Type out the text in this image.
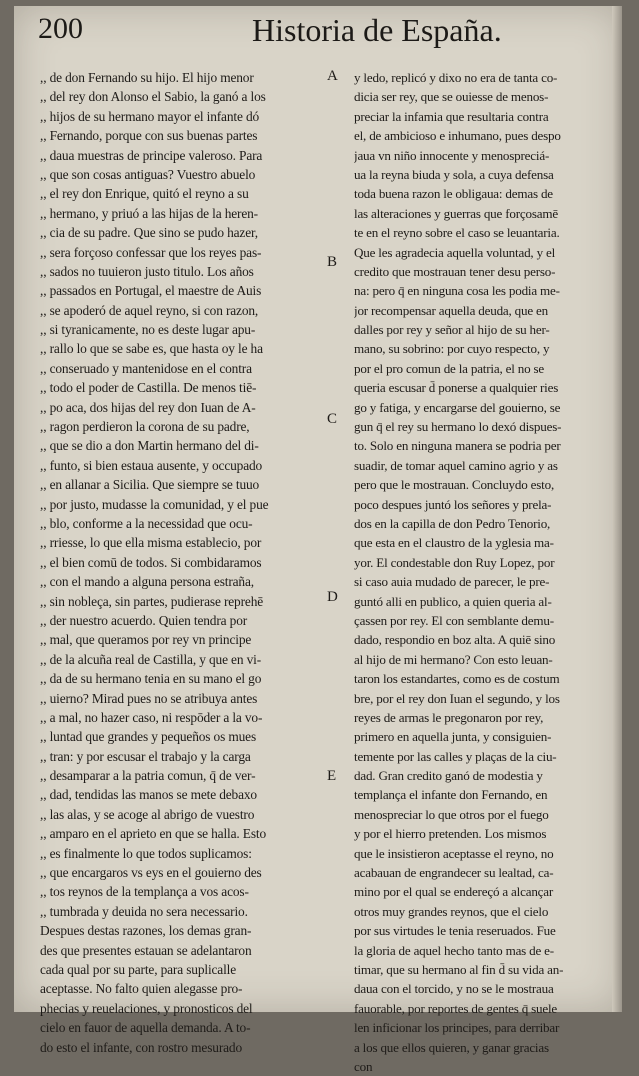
200	Historia de España.
,, de don Fernando su hijo. El hijo menor
,, del rey don Alonso el Sabio, la ganó a los
,, hijos de su hermano mayor el infante dó
,, Fernando, porque con sus buenas partes
,, daua muestras de principe valeroso. Para
,, que son cosas antiguas? Vuestro abuelo
,, el rey don Enrique, quitó el reyno a su
,, hermano, y priuó a las hijas de la heren-
,, cia de su padre. Que sino se pudo hazer,
,, sera forçoso confessar que los reyes pas-
,, sados no tuuieron justo titulo. Los años
,, passados en Portugal, el maestre de Auis
,, se apoderó de aquel reyno, si con razon,
,, si tyranicamente, no es deste lugar apu-
,, rallo lo que se sabe es, que hasta oy le ha
,, conseruado y mantenidose en el contra
,, todo el poder de Castilla. De menos tiē-
,, po aca, dos hijas del rey don Iuan de A-
,, ragon perdieron la corona de su padre,
,, que se dio a don Martin hermano del di-
,, funto, si bien estaua ausente, y occupado
,, en allanar a Sicilia. Que siempre se tuuo
,, por justo, mudasse la comunidad, y el pue
,, blo, conforme a la necessidad que ocu-
,, rriesse, lo que ella misma establecio, por
,, el bien comū de todos. Si combidaramos
,, con el mando a alguna persona estraña,
,, sin nobleça, sin partes, pudierase reprehē
,, der nuestro acuerdo. Quien tendra por
,, mal, que queramos por rey vn principe
,, de la alcuña real de Castilla, y que en vi-
,, da de su hermano tenia en su mano el go
,, uierno? Mirad pues no se atribuya antes
,, a mal, no hazer caso, ni respōder a la vo-
,, luntad que grandes y pequeños os mues
,, tran: y por escusar el trabajo y la carga
,, desamparar a la patria comun, q̄ de ver-
,, dad, tendidas las manos se mete debaxo
,, las alas, y se acoge al abrigo de vuestro
,, amparo en el aprieto en que se halla. Esto
,, es finalmente lo que todos suplicamos:
,, que encargaros vs eys en el gouierno des
,, tos reynos de la templança a vos acos-
,, tumbrada y deuida no sera necessario.
Despues destas razones, los demas gran-
des que presentes estauan se adelantaron
cada qual por su parte, para suplicalle
aceptasse. No falto quien alegasse pro-
phecias y reuelaciones, y pronosticos del
cielo en fauor de aquella demanda. A to-
do esto el infante, con rostro mesurado
y ledo, replicó y dixo no era de tanta co-
dicia ser rey, que se ouiesse de menos-
preciar la infamia que resultaria contra
el, de ambicioso e inhumano, pues despo
jaua vn niño innocente y menospreciá-
ua la reyna biuda y sola, a cuya defensa
toda buena razon le obligaua: demas de
las alteraciones y guerras que forçosamē
te en el reyno sobre el caso se leuantaria.
Que les agradecia aquella voluntad, y el
credito que mostrauan tener desu perso-
na: pero q̄ en ninguna cosa les podia me-
jor recompensar aquella deuda, que en
dalles por rey y señor al hijo de su her-
mano, su sobrino: por cuyo respecto, y
por el pro comun de la patria, el no se
queria escusar d̄ ponerse a qualquier ries
go y fatiga, y encargarse del gouierno, se
gun q̄ el rey su hermano lo dexó dispues-
to. Solo en ninguna manera se podria per
suadir, de tomar aquel camino agrio y as
pero que le mostrauan. Concluydo esto,
poco despues juntó los señores y prela-
dos en la capilla de don Pedro Tenorio,
que esta en el claustro de la yglesia ma-
yor. El condestable don Ruy Lopez, por
si caso auia mudado de parecer, le pre-
guntó alli en publico, a quien queria al-
çassen por rey. El con semblante demu-
dado, respondio en boz alta. A quiē sino
al hijo de mi hermano? Con esto leuan-
taron los estandartes, como es de costum
bre, por el rey don Iuan el segundo, y los
reyes de armas le pregonaron por rey,
primero en aquella junta, y consiguien-
temente por las calles y plaças de la ciu-
dad. Gran credito ganó de modestia y
templança el infante don Fernando, en
menospreciar lo que otros por el fuego
y por el hierro pretenden. Los mismos
que le insistieron aceptasse el reyno, no
acabauan de engrandecer su lealtad, ca-
mino por el qual se endereçó a alcançar
otros muy grandes reynos, que el cielo
por sus virtudes le tenia reseruados. Fue
la gloria de aquel hecho tanto mas de e-
timar, que su hermano al fin d̄ su vida an-
daua con el torcido, y no se le mostraua
fauorable, por reportes de gentes q̄ suele
len inficionar los principes, para derribar
a los que ellos quieren, y ganar gracias
con
A
B
C
D
E
